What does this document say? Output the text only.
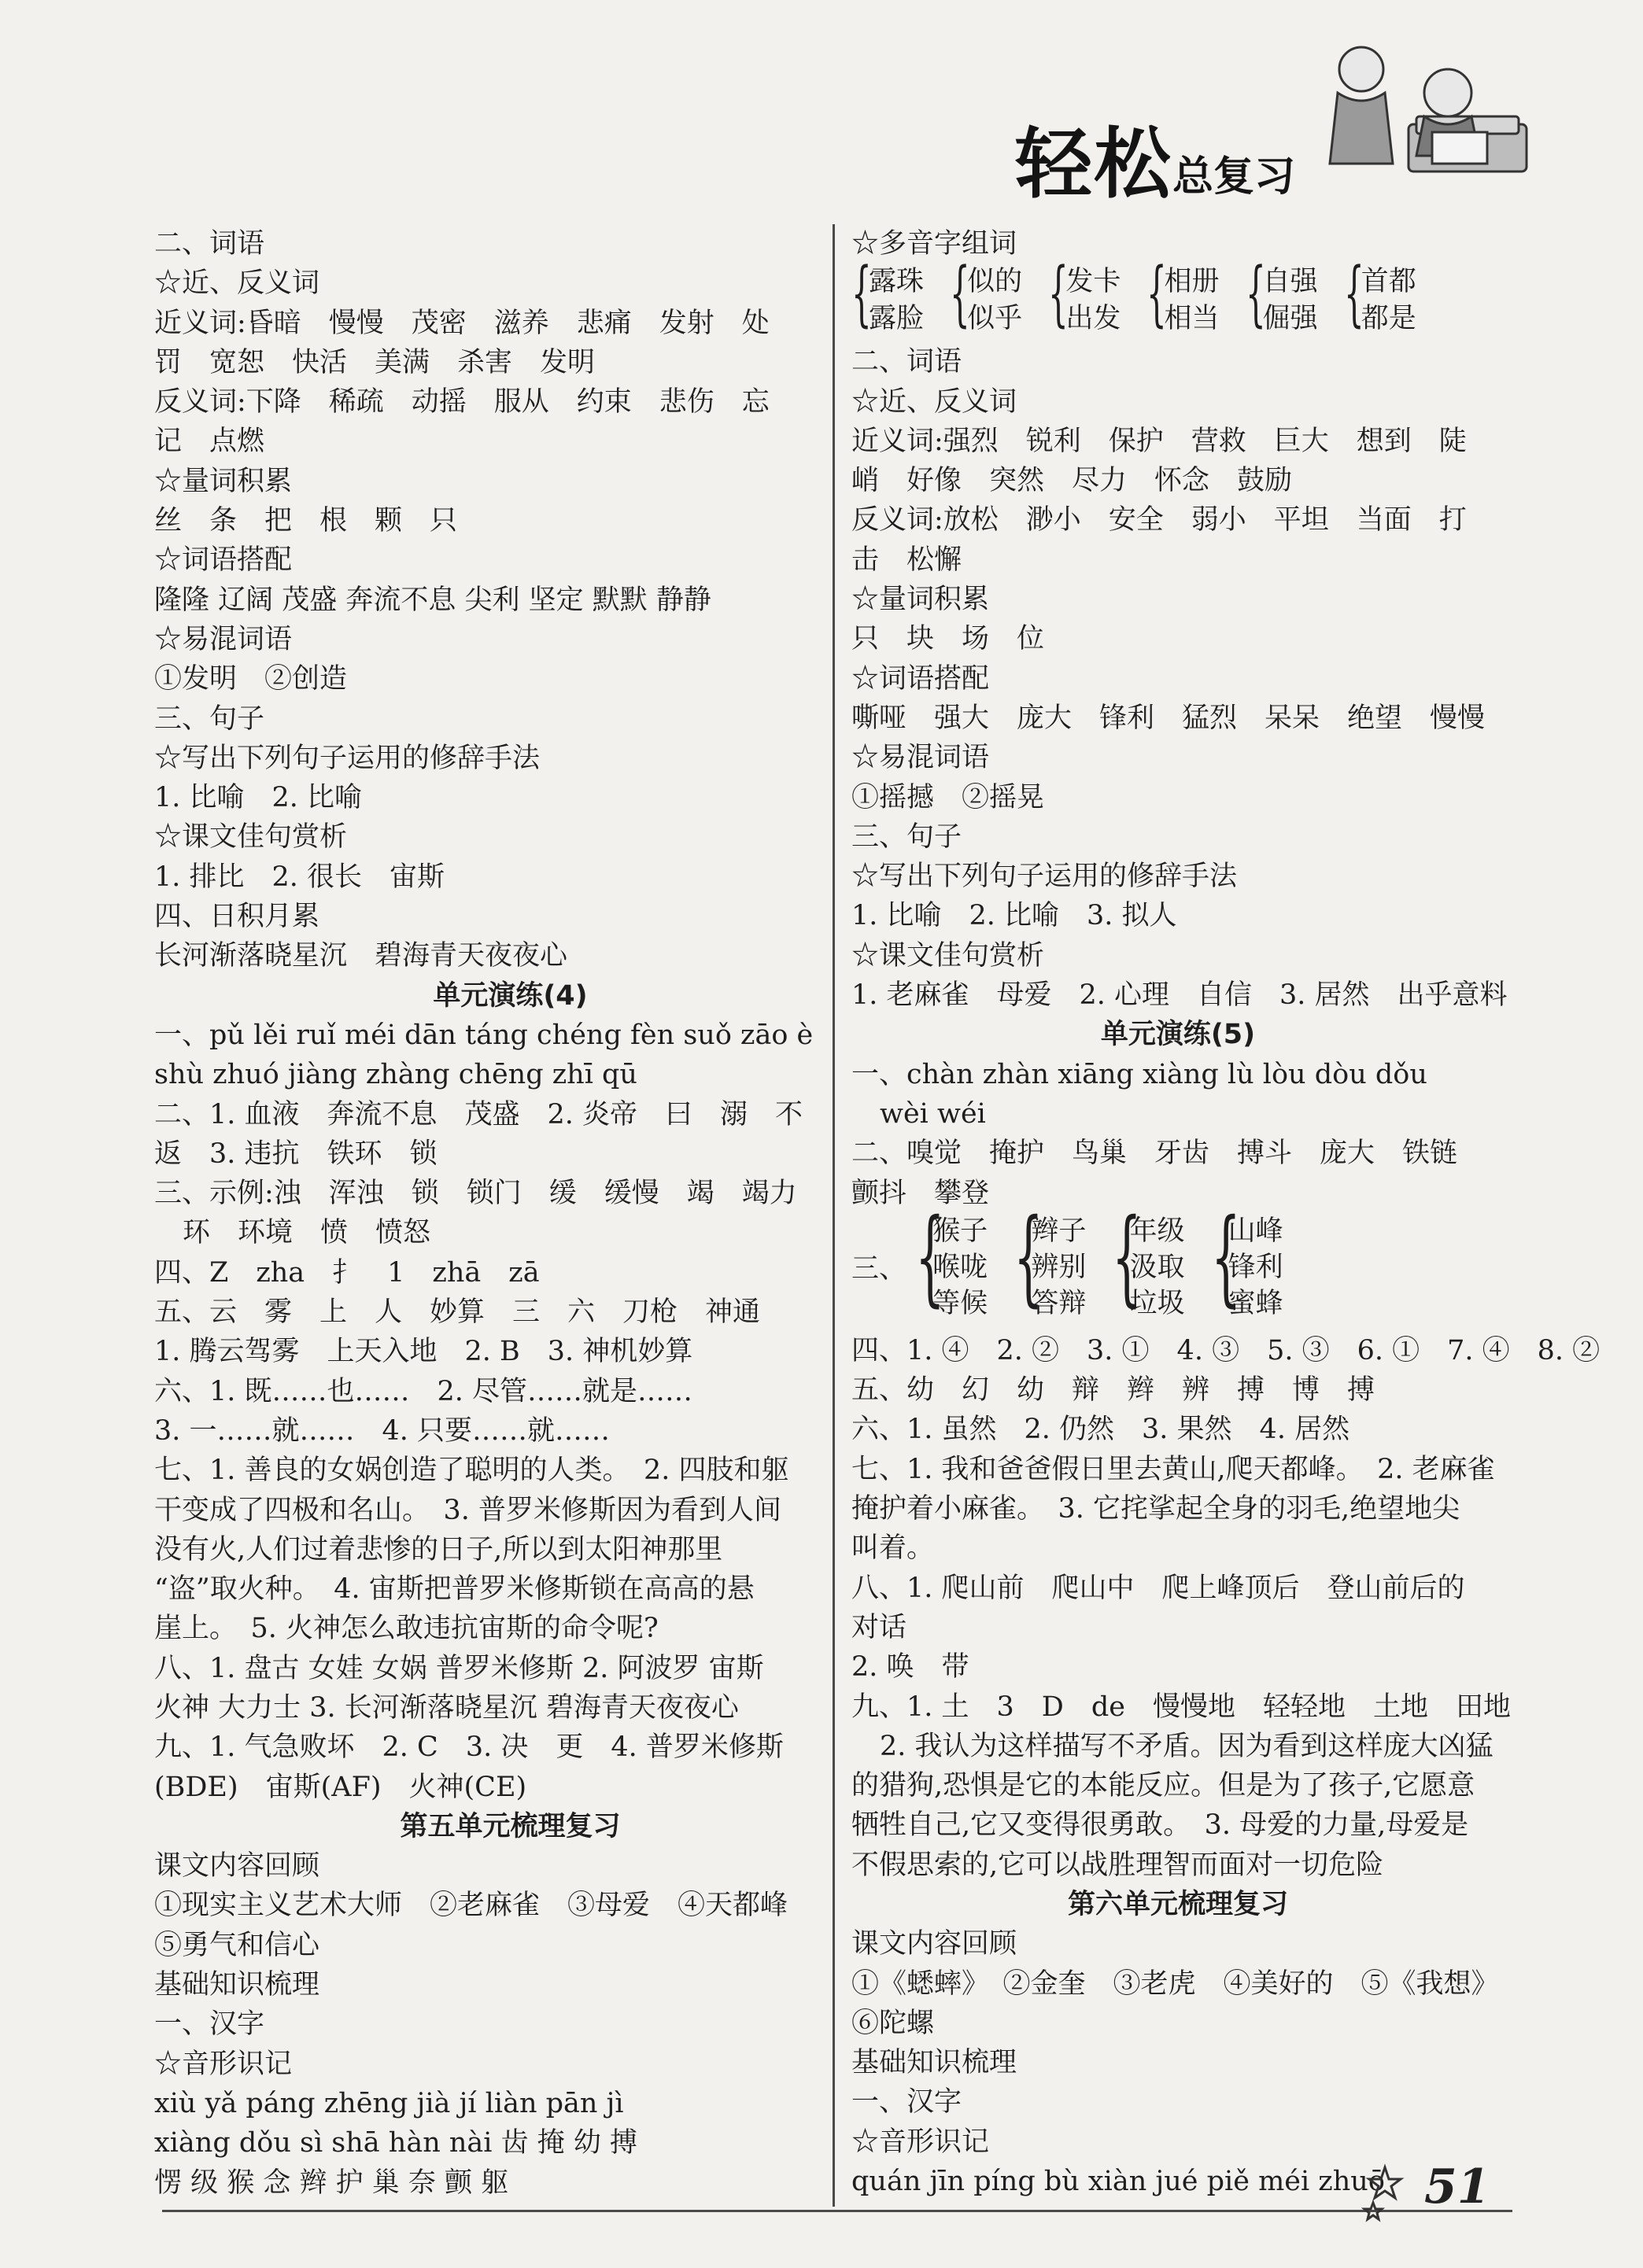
轻松总复习
二、词语
☆近、反义词
近义词:昏暗　慢慢　茂密　滋养　悲痛　发射　处
罚　宽恕　快活　美满　杀害　发明
反义词:下降　稀疏　动摇　服从　约束　悲伤　忘
记　点燃
☆量词积累
丝　条　把　根　颗　只
☆词语搭配
隆隆 辽阔 茂盛 奔流不息 尖利 坚定 默默 静静
☆易混词语
①发明　②创造
三、句子
☆写出下列句子运用的修辞手法
1. 比喻　2. 比喻
☆课文佳句赏析
1. 排比　2. 很长　宙斯
四、日积月累
长河渐落晓星沉　碧海青天夜夜心
单元演练(4)
一、pǔ lěi ruǐ méi dān táng chéng fèn suǒ zāo è
shù zhuó jiàng zhàng chēng zhī qū
二、1. 血液　奔流不息　茂盛　2. 炎帝　曰　溺　不
返　3. 违抗　铁环　锁
三、示例:浊　浑浊　锁　锁门　缓　缓慢　竭　竭力
环　环境　愤　愤怒
四、Z　zha　扌　1　zhā　zā
五、云　雾　上　人　妙算　三　六　刀枪　神通
1. 腾云驾雾　上天入地　2. B　3. 神机妙算
六、1. 既……也……　2. 尽管……就是……
3. 一……就……　4. 只要……就……
七、1. 善良的女娲创造了聪明的人类。　2. 四肢和躯
干变成了四极和名山。　3. 普罗米修斯因为看到人间
没有火,人们过着悲惨的日子,所以到太阳神那里
“盗”取火种。　4. 宙斯把普罗米修斯锁在高高的悬
崖上。　5. 火神怎么敢违抗宙斯的命令呢?
八、1. 盘古 女娃 女娲 普罗米修斯 2. 阿波罗 宙斯
火神 大力士 3. 长河渐落晓星沉 碧海青天夜夜心
九、1. 气急败坏　2. C　3. 决　更　4. 普罗米修斯
(BDE)　宙斯(AF)　火神(CE)
第五单元梳理复习
课文内容回顾
①现实主义艺术大师　②老麻雀　③母爱　④天都峰
⑤勇气和信心
基础知识梳理
一、汉字
☆音形识记
xiù yǎ páng zhēng jià jí liàn pān jì
xiàng dǒu sì shā hàn nài 齿 掩 幼 搏
愣 级 猴 念 辫 护 巢 奈 颤 躯
☆多音字组词
{露珠
露脸 {似的
似乎 {发卡
出发 {相册
相当 {自强
倔强 {首都
都是
二、词语
☆近、反义词
近义词:强烈　锐利　保护　营救　巨大　想到　陡
峭　好像　突然　尽力　怀念　鼓励
反义词:放松　渺小　安全　弱小　平坦　当面　打
击　松懈
☆量词积累
只　块　场　位
☆词语搭配
嘶哑　强大　庞大　锋利　猛烈　呆呆　绝望　慢慢
☆易混词语
①摇撼　②摇晃
三、句子
☆写出下列句子运用的修辞手法
1. 比喻　2. 比喻　3. 拟人
☆课文佳句赏析
1. 老麻雀　母爱　2. 心理　自信　3. 居然　出乎意料
单元演练(5)
一、chàn zhàn xiāng xiàng lù lòu dòu dǒu
wèi wéi
二、嗅觉　掩护　鸟巢　牙齿　搏斗　庞大　铁链
颤抖　攀登
三、 {猴子
喉咙
等候 {辫子
辨别
答辩 {年级
汲取
垃圾 {山峰
锋利
蜜蜂
四、1. ④　2. ②　3. ①　4. ③　5. ③　6. ①　7. ④　8. ②
五、幼　幻　幼　辩　辫　辨　搏　博　搏
六、1. 虽然　2. 仍然　3. 果然　4. 居然
七、1. 我和爸爸假日里去黄山,爬天都峰。　2. 老麻雀
掩护着小麻雀。　3. 它挓挲起全身的羽毛,绝望地尖
叫着。
八、1. 爬山前　爬山中　爬上峰顶后　登山前后的
对话
2. 唤　带
九、1. 土　3　D　de　慢慢地　轻轻地　土地　田地
2. 我认为这样描写不矛盾。因为看到这样庞大凶猛
的猎狗,恐惧是它的本能反应。但是为了孩子,它愿意
牺牲自己,它又变得很勇敢。　3. 母爱的力量,母爱是
不假思索的,它可以战胜理智而面对一切危险
第六单元梳理复习
课文内容回顾
①《蟋蟀》　②金奎　③老虎　④美好的　⑤《我想》
⑥陀螺
基础知识梳理
一、汉字
☆音形识记
quán jīn píng bù xiàn jué piě méi zhuō 51
